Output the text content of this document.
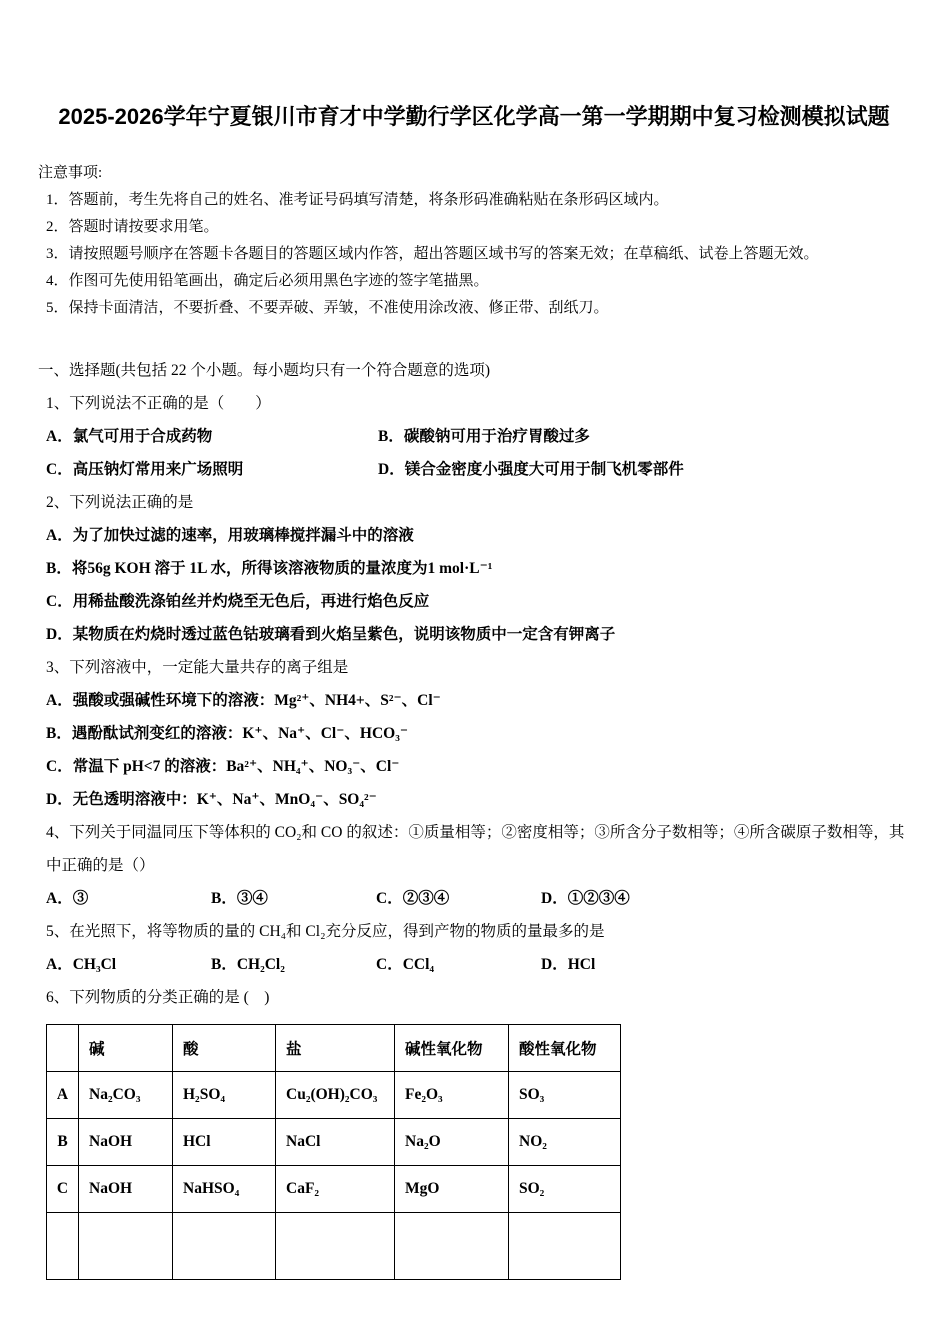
2025-2026学年宁夏银川市育才中学勤行学区化学高一第一学期期中复习检测模拟试题
注意事项:
1．答题前，考生先将自己的姓名、准考证号码填写清楚，将条形码准确粘贴在条形码区域内。
2．答题时请按要求用笔。
3．请按照题号顺序在答题卡各题目的答题区域内作答，超出答题区域书写的答案无效；在草稿纸、试卷上答题无效。
4．作图可先使用铅笔画出，确定后必须用黑色字迹的签字笔描黑。
5．保持卡面清洁，不要折叠、不要弄破、弄皱，不准使用涂改液、修正带、刮纸刀。
一、选择题(共包括 22 个小题。每小题均只有一个符合题意的选项)
1、下列说法不正确的是（　　）
A．氯气可用于合成药物	B．碳酸钠可用于治疗胃酸过多
C．高压钠灯常用来广场照明	D．镁合金密度小强度大可用于制飞机零部件
2、下列说法正确的是
A．为了加快过滤的速率，用玻璃棒搅拌漏斗中的溶液
B．将56g KOH 溶于 1L 水，所得该溶液物质的量浓度为1 mol·L⁻¹
C．用稀盐酸洗涤铂丝并灼烧至无色后，再进行焰色反应
D．某物质在灼烧时透过蓝色钴玻璃看到火焰呈紫色，说明该物质中一定含有钾离子
3、下列溶液中，一定能大量共存的离子组是
A．强酸或强碱性环境下的溶液：Mg²⁺、NH4+、S²⁻、Cl⁻
B．遇酚酞试剂变红的溶液：K⁺、Na⁺、Cl⁻、HCO₃⁻
C．常温下 pH<7 的溶液：Ba²⁺、NH₄⁺、NO₃⁻、Cl⁻
D．无色透明溶液中：K⁺、Na⁺、MnO₄⁻、SO₄²⁻
4、下列关于同温同压下等体积的 CO₂和 CO 的叙述：①质量相等；②密度相等；③所含分子数相等；④所含碳原子数相等，其中正确的是（）
A．③	B．③④	C．②③④	D．①②③④
5、在光照下，将等物质的量的 CH₄和 Cl₂充分反应，得到产物的物质的量最多的是
A．CH₃Cl	B．CH₂Cl₂	C．CCl₄	D．HCl
6、下列物质的分类正确的是 (　)
	碱	酸	盐	碱性氧化物	酸性氧化物
A	Na₂CO₃	H₂SO₄	Cu₂(OH)₂CO₃	Fe₂O₃	SO₃
B	NaOH	HCl	NaCl	Na₂O	NO₂
C	NaOH	NaHSO₄	CaF₂	MgO	SO₂
